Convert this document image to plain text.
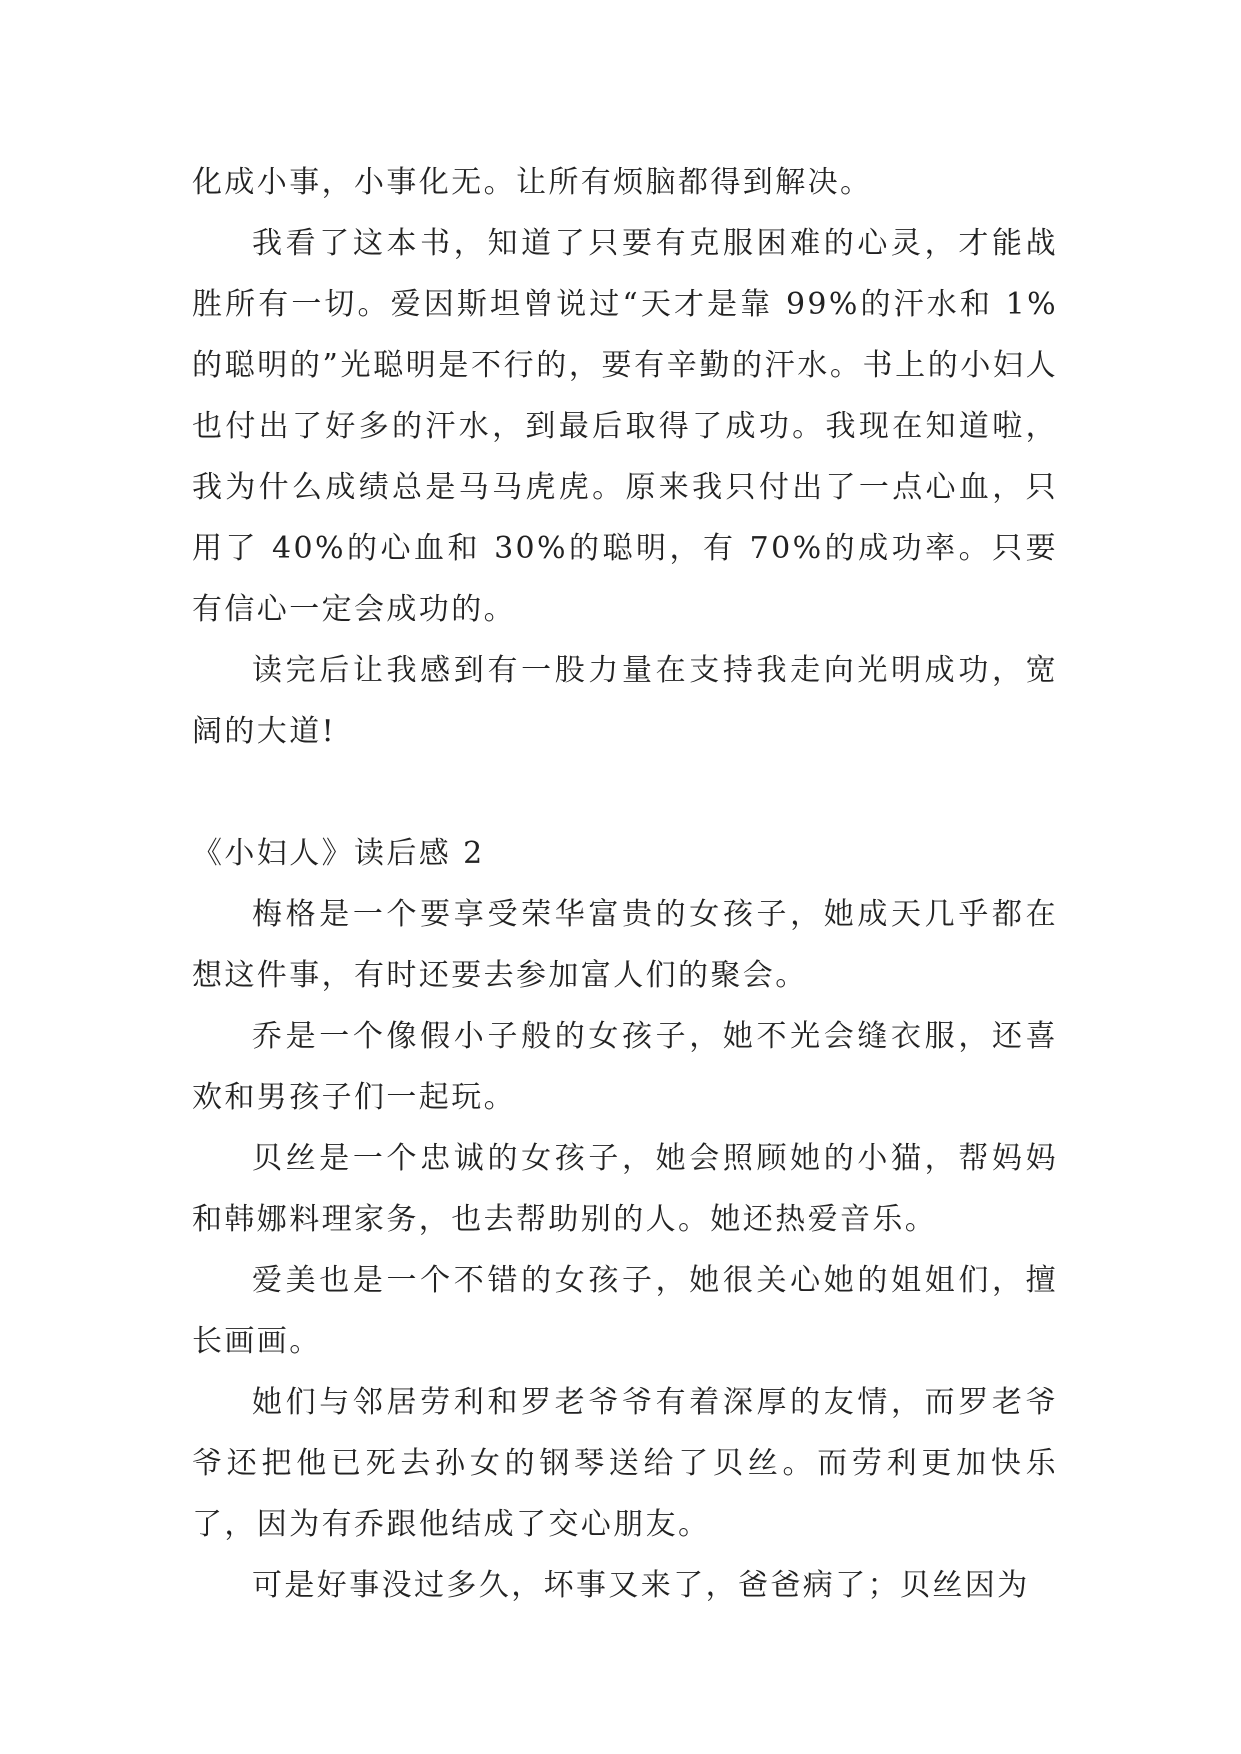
化成小事，小事化无。让所有烦脑都得到解决。

我看了这本书，知道了只要有克服困难的心灵，才能战胜所有一切。爱因斯坦曾说过“天才是靠 99%的汗水和 1%的聪明的”光聪明是不行的，要有辛勤的汗水。书上的小妇人也付出了好多的汗水，到最后取得了成功。我现在知道啦，我为什么成绩总是马马虎虎。原来我只付出了一点心血，只用了 40%的心血和 30%的聪明，有 70%的成功率。只要有信心一定会成功的。

读完后让我感到有一股力量在支持我走向光明成功，宽阔的大道!

《小妇人》读后感 2

梅格是一个要享受荣华富贵的女孩子，她成天几乎都在想这件事，有时还要去参加富人们的聚会。

乔是一个像假小子般的女孩子，她不光会缝衣服，还喜欢和男孩子们一起玩。

贝丝是一个忠诚的女孩子，她会照顾她的小猫，帮妈妈和韩娜料理家务，也去帮助别的人。她还热爱音乐。

爱美也是一个不错的女孩子，她很关心她的姐姐们，擅长画画。

她们与邻居劳利和罗老爷爷有着深厚的友情，而罗老爷爷还把他已死去孙女的钢琴送给了贝丝。而劳利更加快乐了，因为有乔跟他结成了交心朋友。

可是好事没过多久，坏事又来了，爸爸病了；贝丝因为
